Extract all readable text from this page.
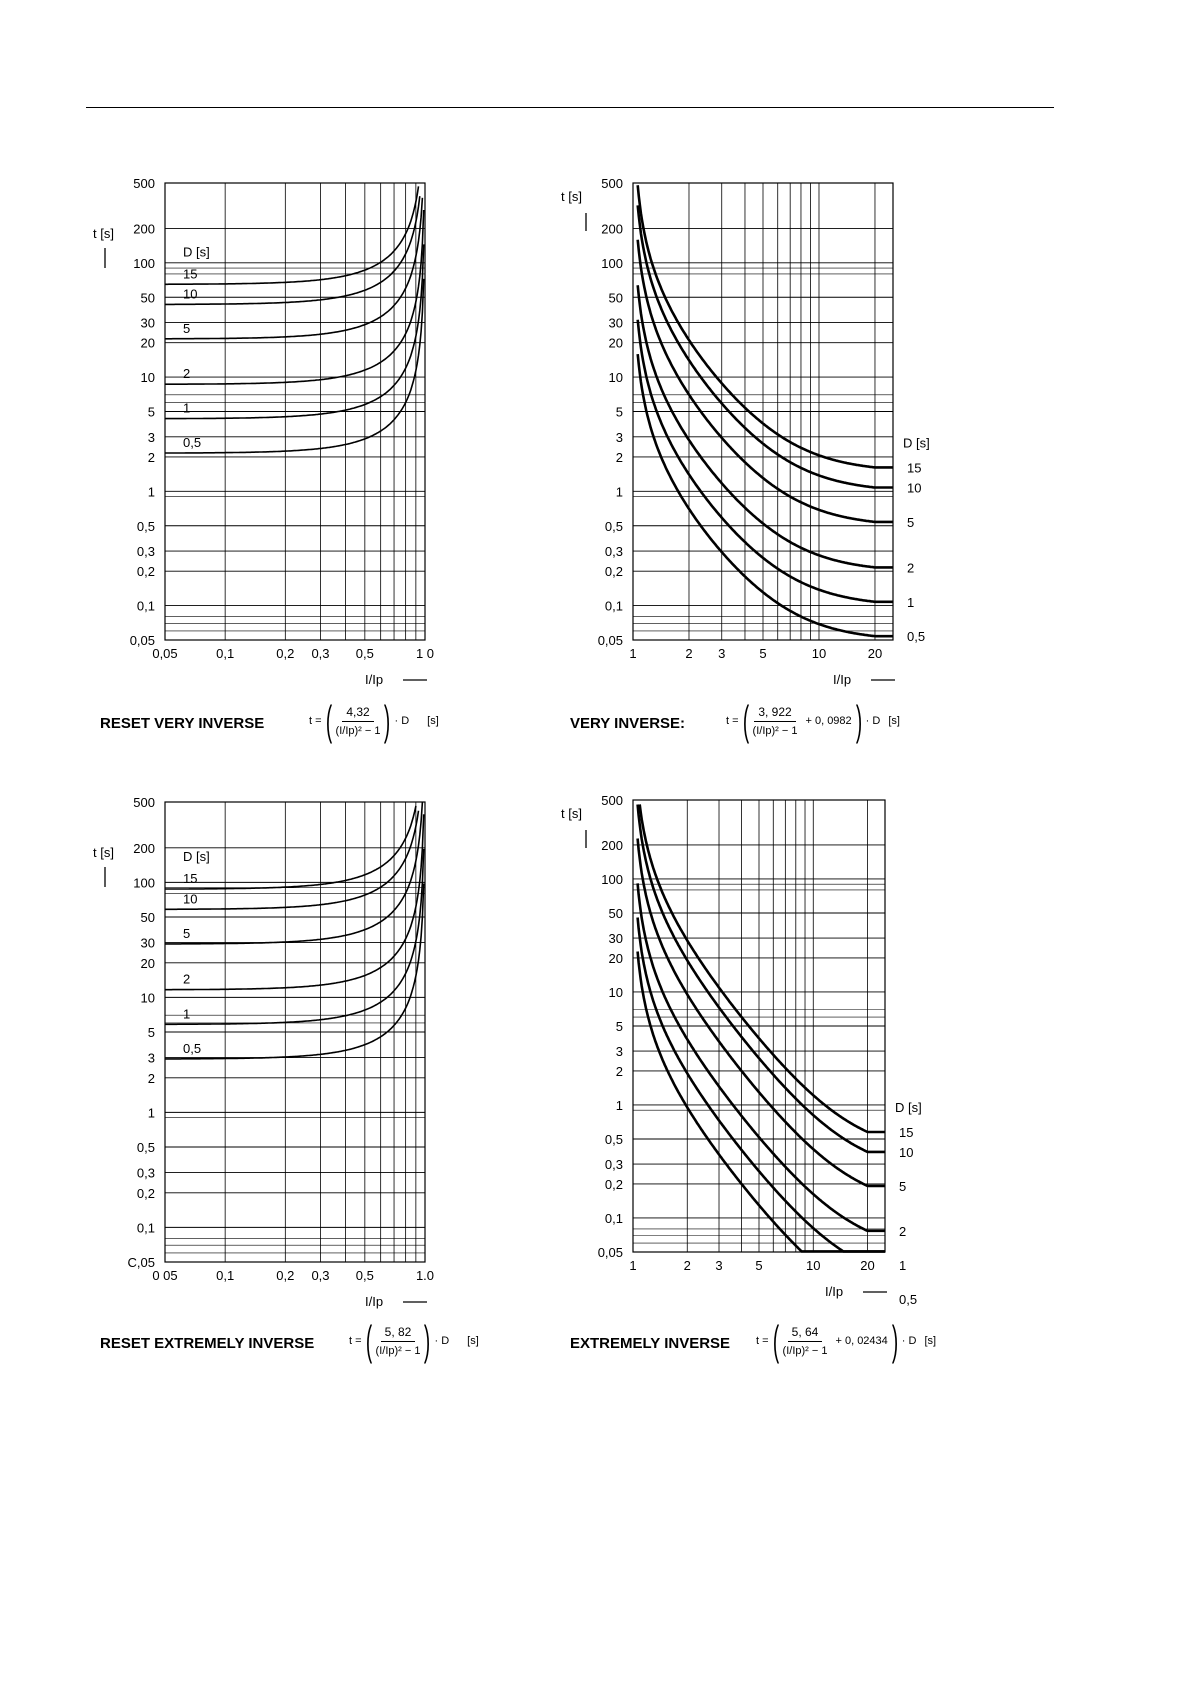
500
200
100
50
30
20
10
5
3
2
1
0,5
0,3
0,2
0,1
0,05
0,05	0,1	0,2 0,3 0,5	1 0
t [s]
I/Ip
15
10
5
2
1
0,5
D [s]
500
200
100
50
30
20
10
5
3
2
1
0,5
0,3
0,2
0,1
0,05
1	2 3	5	10	20
t [s]
I/Ip
15
10
5
2
1
0,5
D [s]
500
200
100
50
30
20
10
5
3
2
1
0,5
0,3
0,2
0,1
C,05
0 05	0,1	0,2 0,3 0,5	1.0
t [s]
I/Ip
15
10
5
2
1
0,5
D [s]
500
200
100
50
30
20
10
5
3
2
1
0,5
0,3
0,2
0,1
0,05
1	2 3	5	10	20
t [s]
I/Ip
15
10
5
2
1
0,5
D [s]
RESET VERY INVERSE	t = ( $\frac{4,32}{\text{(I/Ip)² − 1}}$ ) · D [s]	VERY INVERSE:	t = ( $\frac{3, 922}{\text{(I/Ip)² − 1}} + 0$, 0982 ) · D [s]
RESET EXTREMELY INVERSE	t = ( $\frac{5, 82}{\text{(I/Ip)² − 1}}$ ) · D [s]	EXTREMELY INVERSE t = ( $\frac{5, 64}{\text{(I/Ip)² − 1}} + 0$, 02434 ) · D [s]
